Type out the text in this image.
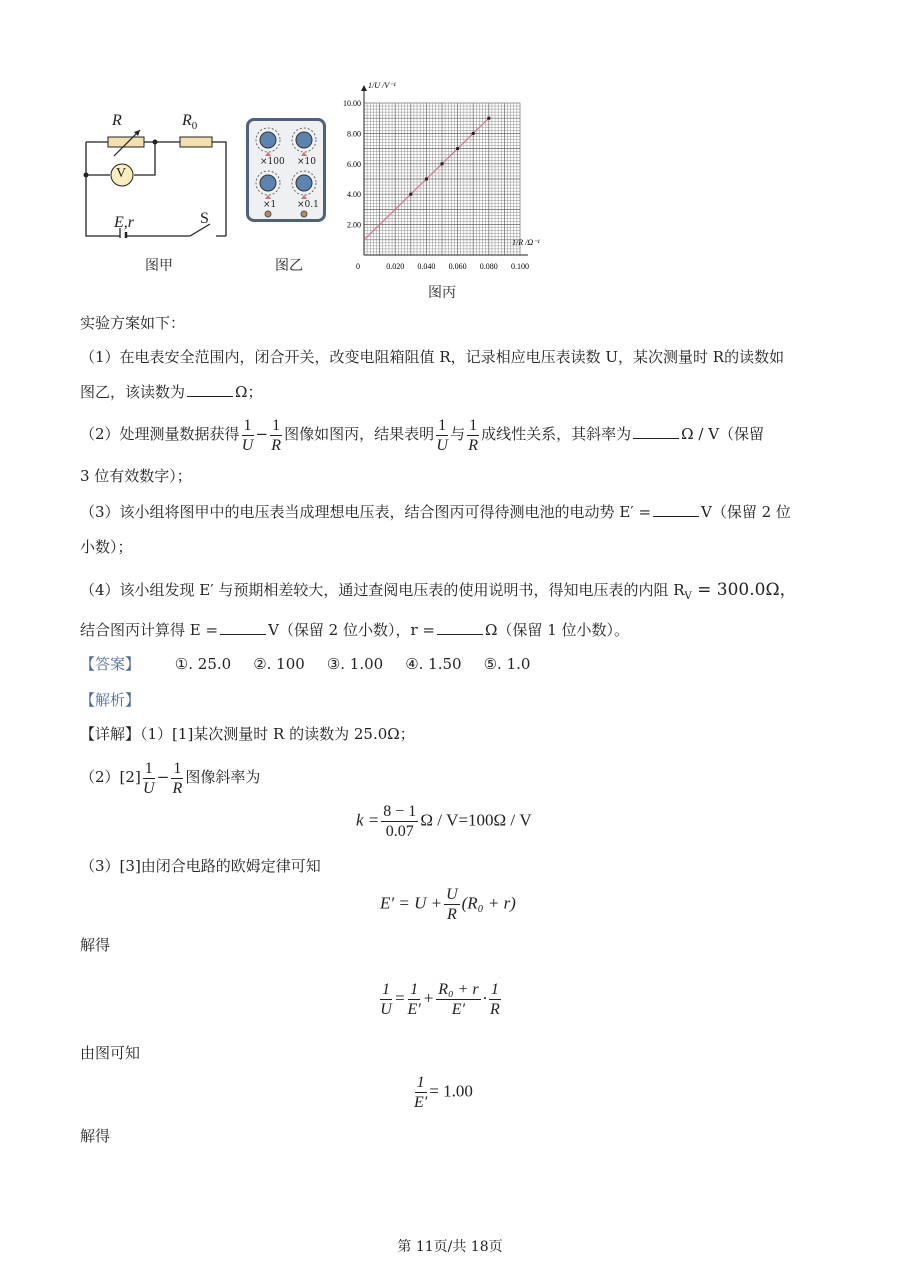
R	$R_0$
V
E,r	S
图甲
×100 ×10
×1 ×0.1
图乙	0	0.020 0.040 0.060 0.080 0.100
2.00
4.00
6.00
8.00
10.00
1/U /V⁻¹
1/R /Ω⁻¹
图丙
实验方案如下：
（1）在电表安全范围内，闭合开关，改变电阻箱阻值 R，记录相应电压表读数 U，某次测量时 R的读数如
图乙，该读数为	Ω；
（2）处理测量数据获得 $\frac{1}{U} - \frac{1}{R}$ 图像如图丙，结果表明 $\frac{1}{U}$ 与 $\frac{1}{R}$ 成线性关系，其斜率为	Ω / V（保留
3 位有效数字）；
（3）该小组将图甲中的电压表当成理想电压表，结合图丙可得待测电池的电动势 E′ =	V（保留 2 位
小数）；
（4）该小组发现 E′ 与预期相差较大，通过查阅电压表的使用说明书，得知电压表的内阻 $R_V = 300.0\Omega$，
结合图丙计算得 E =	V（保留 2 位小数），r =	Ω（保留 1 位小数）。
【答案】 ①. 25.0 ②. 100 ③. 1.00 ④. 1.50 ⑤. 1.0
【解析】
【详解】（1）[1]某次测量时 R 的读数为 25.0Ω；
$(2)[2] \frac{1}{U} - \frac{1}{R}$ 图像斜率为
$k = \frac{8 - 1}{0.07}$ Ω / V=100Ω / V
（3）[3]由闭合电路的欧姆定律可知
$E' = U + \frac{U}{R} (R_0 + r)$
解得
$\frac{1}{U} = \frac{1}{E'} + \frac{\text{R₀ + r}}{E'} \cdot \frac{1}{R}$
由图可知
$\frac{1}{E'} = 1.00$
解得
第 11页/共 18页
